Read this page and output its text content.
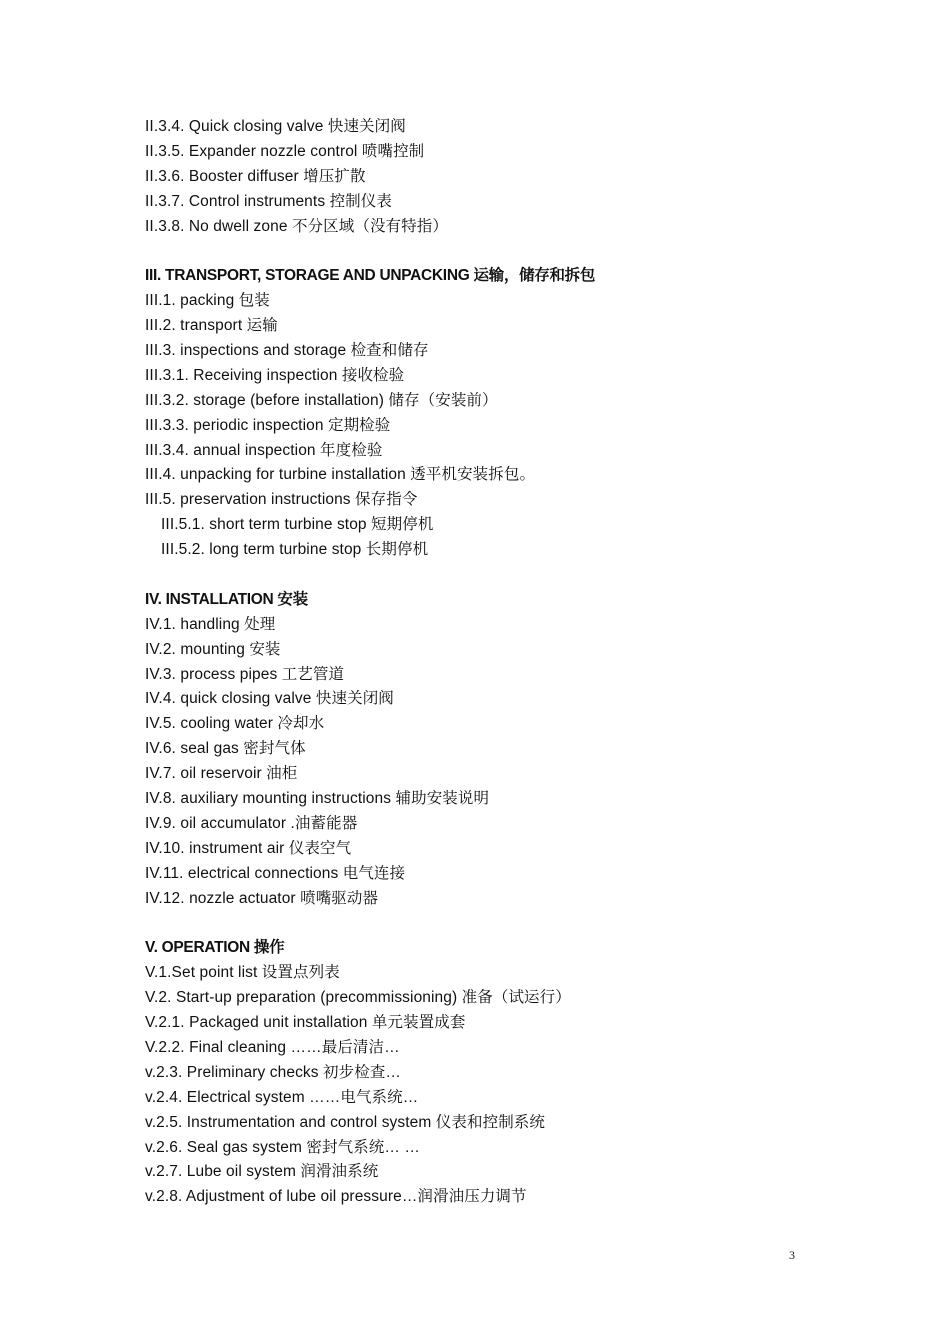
II.3.4. Quick closing valve 快速关闭阀
II.3.5. Expander nozzle control 喷嘴控制
II.3.6. Booster diffuser 增压扩散
II.3.7. Control instruments 控制仪表
II.3.8. No dwell zone 不分区域（没有特指）
III. TRANSPORT, STORAGE AND UNPACKING 运输，储存和拆包
III.1. packing 包装
III.2. transport 运输
III.3. inspections and storage 检查和储存
III.3.1. Receiving inspection 接收检验
III.3.2. storage (before installation) 储存（安装前）
III.3.3. periodic inspection 定期检验
III.3.4. annual inspection 年度检验
III.4. unpacking for turbine installation 透平机安装拆包。
III.5. preservation instructions 保存指令
III.5.1. short term turbine stop 短期停机
III.5.2. long term turbine stop 长期停机
IV. INSTALLATION 安装
IV.1. handling 处理
IV.2. mounting 安装
IV.3. process pipes 工艺管道
IV.4. quick closing valve 快速关闭阀
IV.5. cooling water 冷却水
IV.6. seal gas 密封气体
IV.7. oil reservoir 油柜
IV.8. auxiliary mounting instructions 辅助安装说明
IV.9. oil accumulator .油蓄能器
IV.10. instrument air 仪表空气
IV.11. electrical connections 电气连接
IV.12. nozzle actuator 喷嘴驱动器
V. OPERATION 操作
V.1.Set point list 设置点列表
V.2. Start-up preparation (precommissioning) 准备（试运行）
V.2.1. Packaged unit installation 单元装置成套
V.2.2. Final cleaning ……最后清洁…
v.2.3. Preliminary checks 初步检查…
v.2.4. Electrical system ……电气系统…
v.2.5. Instrumentation and control system 仪表和控制系统
v.2.6. Seal gas system 密封气系统… …
v.2.7. Lube oil system 润滑油系统
v.2.8. Adjustment of lube oil pressure…润滑油压力调节
3
